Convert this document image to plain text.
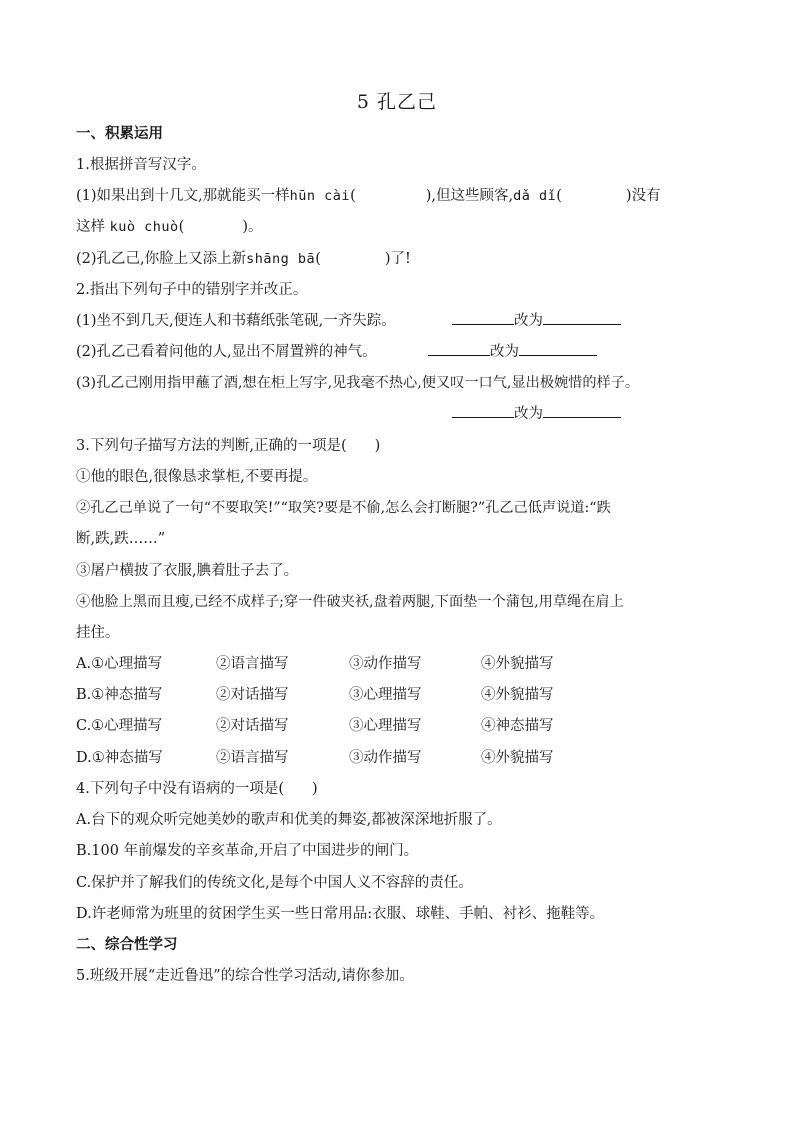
5 孔乙己
一、积累运用
1.根据拼音写汉字。
(1)如果出到十几文,那就能买一样hūn cài(	),但这些顾客,dǎ dǐ(	)没有
这样 kuò chuò(	)。
(2)孔乙己,你脸上又添上新shāng bā(	)了!
2.指出下列句子中的错别字并改正。
(1)坐不到几天,便连人和书藉纸张笔砚,一齐失踪。	改为
(2)孔乙己看着问他的人,显出不屑置辨的神气。	改为
(3)孔乙己刚用指甲蘸了酒,想在柜上写字,见我毫不热心,便又叹一口气,显出极婉惜的样子。
改为
3.下列句子描写方法的判断,正确的一项是( )
①他的眼色,很像恳求掌柜,不要再提。
②孔乙己单说了一句“不要取笑!”“取笑?要是不偷,怎么会打断腿?”孔乙己低声说道:“跌
断,跌,跌……”
③屠户横披了衣服,腆着肚子去了。
④他脸上黑而且瘦,已经不成样子;穿一件破夹袄,盘着两腿,下面垫一个蒲包,用草绳在肩上
挂住。
A.①心理描写	②语言描写	③动作描写	④外貌描写
B.①神态描写	②对话描写	③心理描写	④外貌描写
C.①心理描写	②对话描写	③心理描写	④神态描写
D.①神态描写	②语言描写	③动作描写	④外貌描写
4.下列句子中没有语病的一项是( )
A.台下的观众听完她美妙的歌声和优美的舞姿,都被深深地折服了。
B.100 年前爆发的辛亥革命,开启了中国进步的闸门。
C.保护并了解我们的传统文化,是每个中国人义不容辞的责任。
D.许老师常为班里的贫困学生买一些日常用品:衣服、球鞋、手帕、衬衫、拖鞋等。
二、综合性学习
5.班级开展“走近鲁迅”的综合性学习活动,请你参加。
